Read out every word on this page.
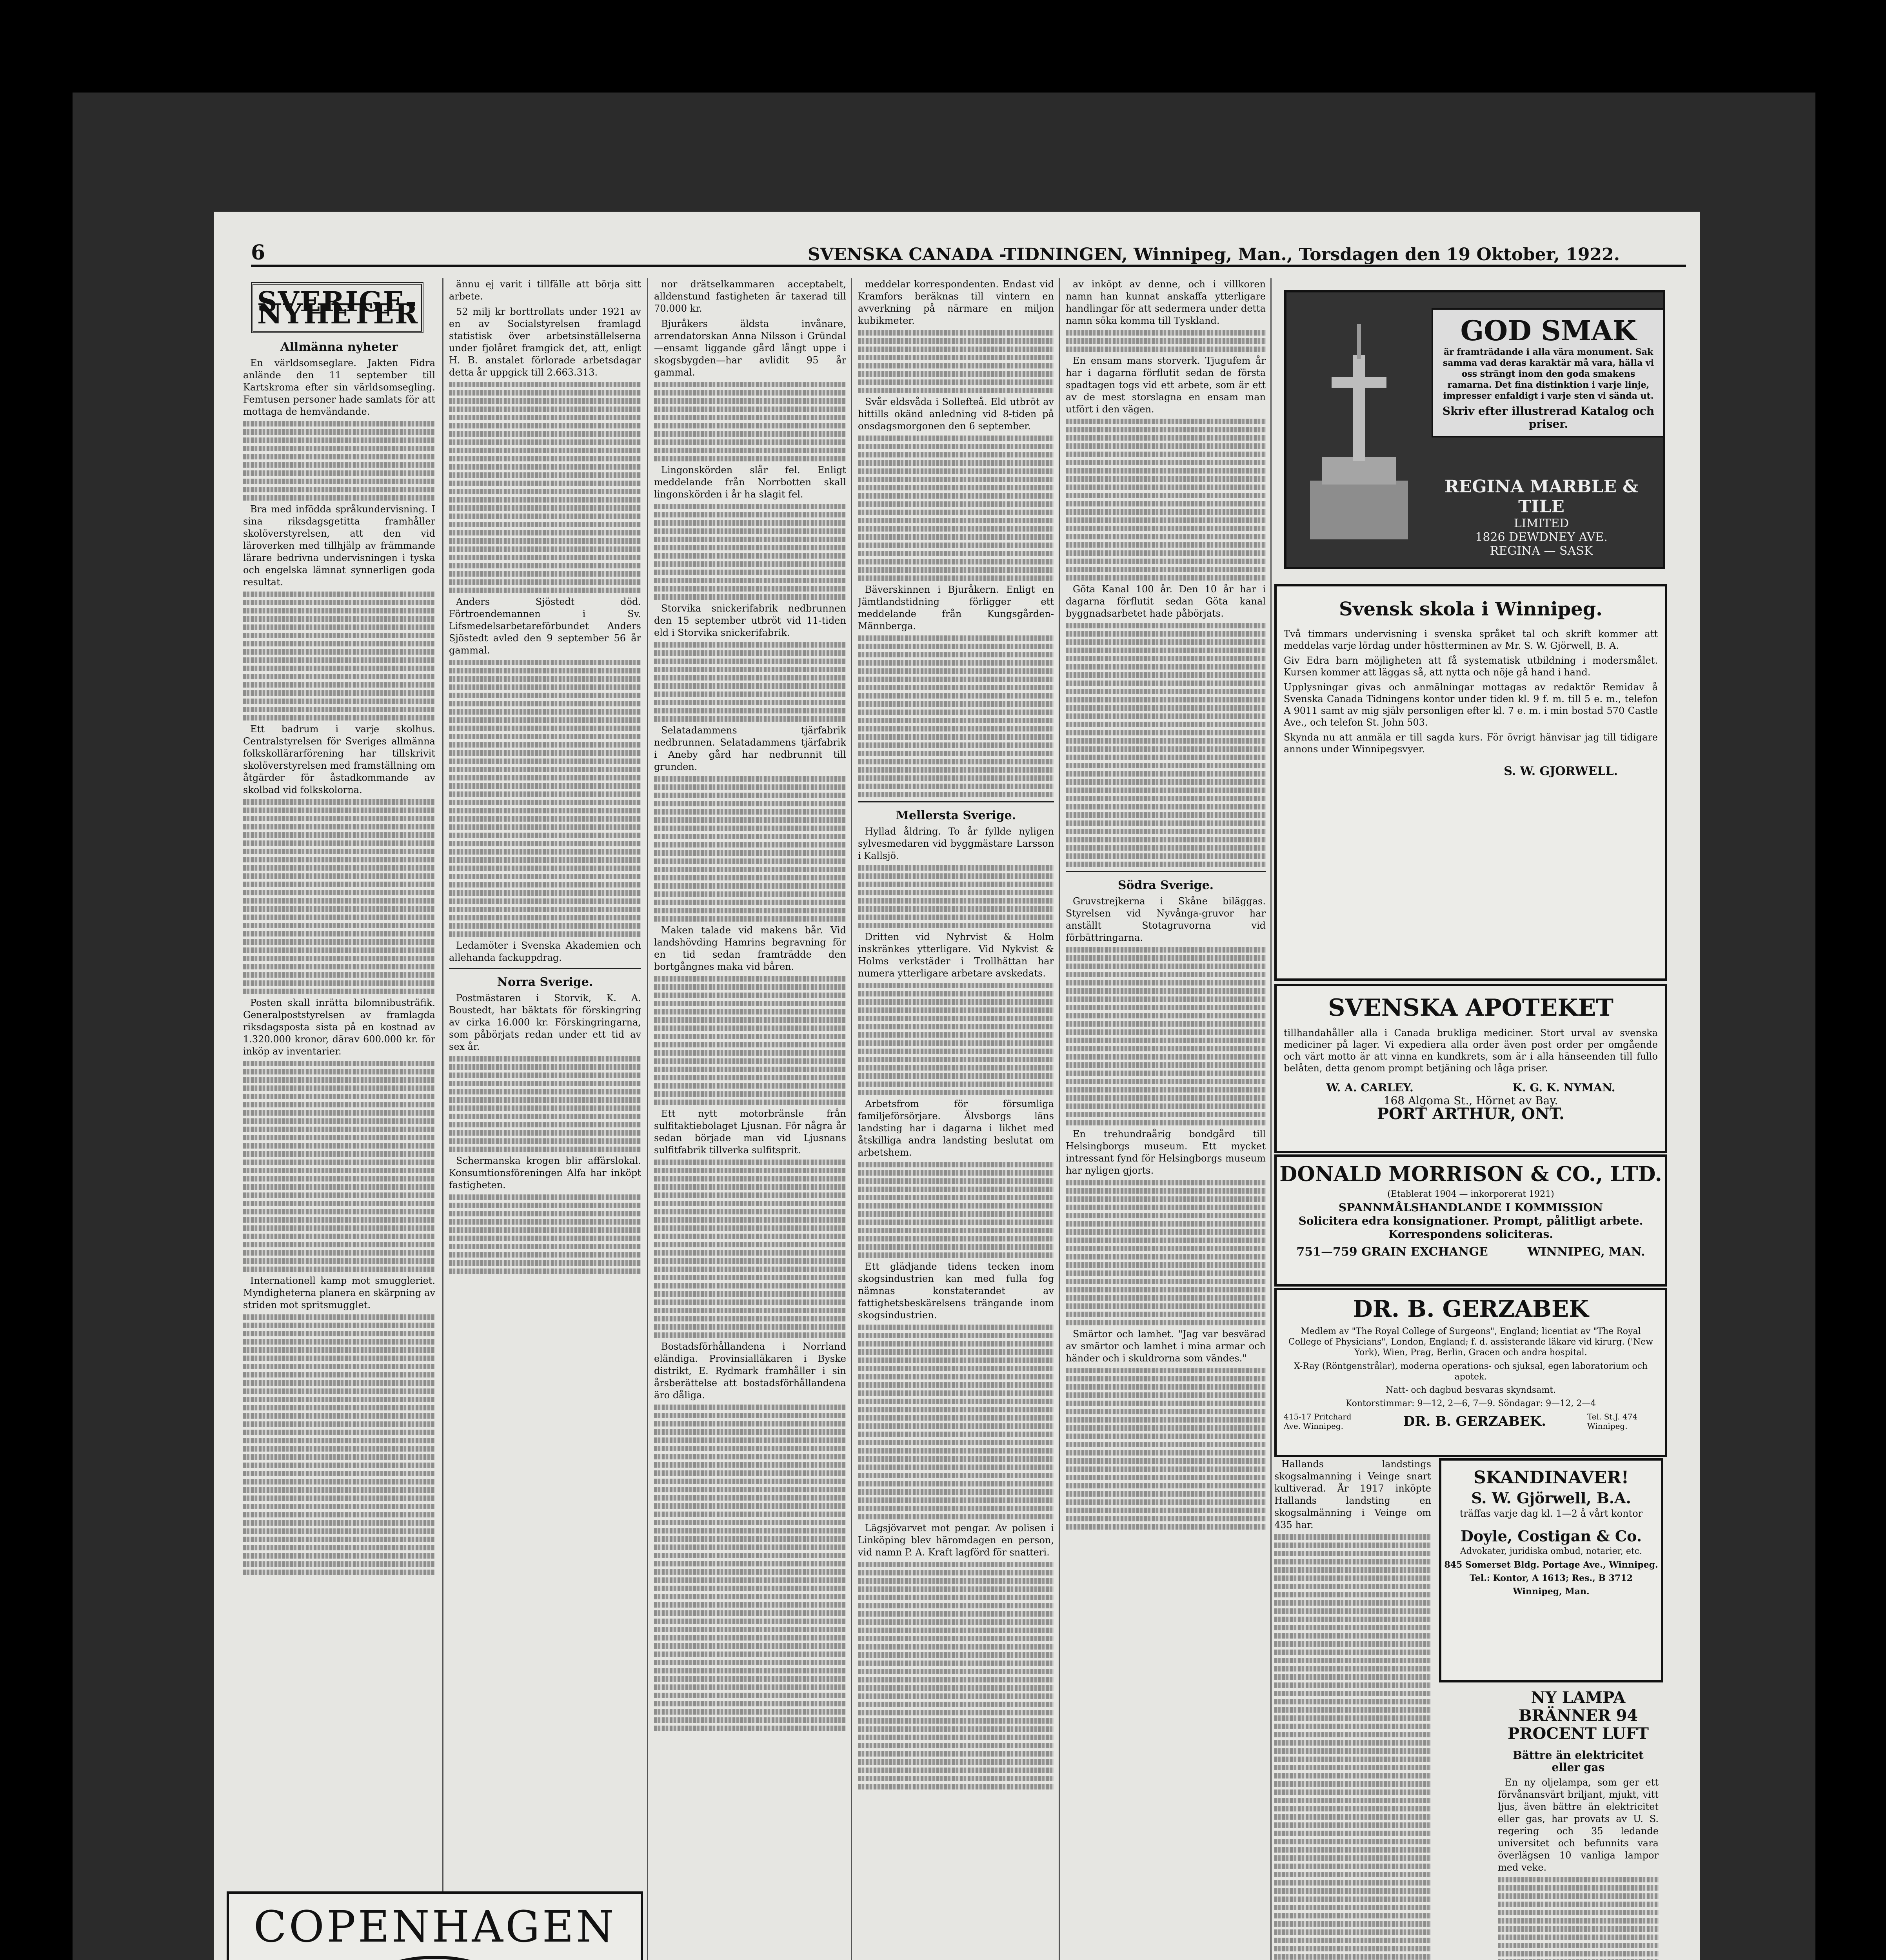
6	SVENSKA CANADA -TIDNINGEN, Winnipeg, Man., Torsdagen den 19 Oktober, 1922.
SVERIGE-NYHETER
Allmänna nyheter

En världsomseglare. Jakten Fidra anlände den 11 september till Kartskroma efter sin världsomsegling. Femtusen personer hade samlats för att mottaga de hemvändande.

Bra med infödda språkundervisning. I sina riksdagsgetitta framhåller skolöverstyrelsen, att den vid läroverken med tillhjälp av främmande lärare bedrivna undervisningen i tyska och engelska lämnat synnerligen goda resultat.

Ett badrum i varje skolhus. Centralstyrelsen för Sveriges allmänna folkskollärarförening har tillskrivit skolöverstyrelsen med framställning om åtgärder för åstadkommande av skolbad vid folkskolorna.

Posten skall inrätta bilomnibusträfik. Generalpoststyrelsen av framlagda riksdagsposta sista på en kostnad av 1.320.000 kronor, därav 600.000 kr. för inköp av inventarier.

Internationell kamp mot smuggleriet. Myndigheterna planera en skärpning av striden mot spritsmugglet.

ännu ej varit i tillfälle att börja sitt arbete.

52 milj kr borttrollats under 1921 av en av Socialstyrelsen framlagd statistisk över arbetsinställelserna under fjolåret framgick det, att, enligt H. B. anstalet förlorade arbetsdagar detta år uppgick till 2.663.313.

Anders Sjöstedt död. Förtroendemannen i Sv. Lifsmedelsarbetareförbundet Anders Sjöstedt avled den 9 september 56 år gammal.

Ledamöter i Svenska Akademien och allehanda fackuppdrag.

Norra Sverige.

Postmästaren i Storvik, K. A. Boustedt, har bäktats för förskingring av cirka 16.000 kr. Förskingringarna, som påbörjats redan under ett tid av sex år.

Schermanska krogen blir affärslokal. Konsumtionsföreningen Alfa har inköpt fastigheten.

nor drätselkammaren acceptabelt, alldenstund fastigheten är taxerad till 70.000 kr.

Bjuråkers äldsta invånare, arrendatorskan Anna Nilsson i Gründal—ensamt liggande gård långt uppe i skogsbygden—har avlidit 95 år gammal.

Lingonskörden slår fel. Enligt meddelande från Norrbotten skall lingonskörden i år ha slagit fel.

Storvika snickerifabrik nedbrunnen den 15 september utbröt vid 11-tiden eld i Storvika snickerifabrik.

Selatadammens tjärfabrik nedbrunnen. Selatadammens tjärfabrik i Aneby gård har nedbrunnit till grunden.

Maken talade vid makens bår. Vid landshövding Hamrins begravning för en tid sedan framträdde den bortgångnes maka vid båren.

Ett nytt motorbränsle från sulfitaktiebolaget Ljusnan. För några år sedan började man vid Ljusnans sulfitfabrik tillverka sulfitsprit.

Bostadsförhållandena i Norrland eländiga. Provinsialläkaren i Byske distrikt, E. Rydmark framhåller i sin årsberättelse att bostadsförhållandena äro dåliga.

meddelar korrespondenten. Endast vid Kramfors beräknas till vintern en avverkning på närmare en miljon kubikmeter.

Svår eldsvåda i Sollefteå. Eld utbröt av hittills okänd anledning vid 8-tiden på onsdagsmorgonen den 6 september.

Bäverskinnen i Bjuråkern. Enligt en Jämtlandstidning förligger ett meddelande från Kungsgården-Männberga.

Mellersta Sverige.

Hyllad åldring. To år fyllde nyligen sylvesmedaren vid byggmästare Larsson i Kallsjö.

Dritten vid Nyhrvist & Holm inskränkes ytterligare. Vid Nykvist & Holms verkstäder i Trollhättan har numera ytterligare arbetare avskedats.

Arbetsfrom för försumliga familjeförsörjare. Älvsborgs läns landsting har i dagarna i likhet med åtskilliga andra landsting beslutat om arbetshem.

Ett glädjande tidens tecken inom skogsindustrien kan med fulla fog nämnas konstaterandet av fattighetsbeskärelsens trängande inom skogsindustrien.

Lägsjövarvet mot pengar. Av polisen i Linköping blev häromdagen en person, vid namn P. A. Kraft lagförd för snatteri.

av inköpt av denne, och i villkoren namn han kunnat anskaffa ytterligare handlingar för att sedermera under detta namn söka komma till Tyskland.

En ensam mans storverk. Tjugufem år har i dagarna förflutit sedan de första spadtagen togs vid ett arbete, som är ett av de mest storslagna en ensam man utfört i den vägen.

Göta Kanal 100 år. Den 10 år har i dagarna förflutit sedan Göta kanal byggnadsarbetet hade påbörjats.

Södra Sverige.

Gruvstrejkerna i Skåne biläggas. Styrelsen vid Nyvånga-gruvor har anställt Stotagruvorna vid förbättringarna.

En trehundraårig bondgård till Helsingborgs museum. Ett mycket intressant fynd för Helsingborgs museum har nyligen gjorts.

Smärtor och lamhet. "Jag var besvärad av smärtor och lamhet i mina armar och händer och i skuldrorna som vändes."

GOD SMAK
är framträdande i alla vära monument. Sak samma vad deras karaktär må vara, hälla vi oss strängt inom den goda smakens ramarna. Det fina distinktion i varje linje, impresser enfaldigt i varje sten vi sända ut.
Skriv efter illustrerad Katalog och priser.
REGINA MARBLE & TILE
LIMITED
1826 DEWDNEY AVE.
REGINA — SASK
Svensk skola i Winnipeg.
Två timmars undervisning i svenska språket tal och skrift kommer att meddelas varje lördag under höstterminen av Mr. S. W. Gjörwell, B. A.
Giv Edra barn möjligheten att få systematisk utbildning i modersmålet. Kursen kommer att läggas så, att nytta och nöje gå hand i hand.
Upplysningar givas och anmälningar mottagas av redaktör Remidav å Svenska Canada Tidningens kontor under tiden kl. 9 f. m. till 5 e. m., telefon A 9011 samt av mig själv personligen efter kl. 7 e. m. i min bostad 570 Castle Ave., och telefon St. John 503.
Skynda nu att anmäla er till sagda kurs. För övrigt hänvisar jag till tidigare annons under Winnipegsvyer.
S. W. GJORWELL.
SVENSKA APOTEKET
tillhandahåller alla i Canada brukliga mediciner. Stort urval av svenska mediciner på lager. Vi expediera alla order även post order per omgående och värt motto är att vinna en kundkrets, som är i alla hänseenden till fullo belåten, detta genom prompt betjäning och låga priser.
W. A. CARLEY.	K. G. K. NYMAN.
168 Algoma St., Hörnet av Bay.
PORT ARTHUR, ONT.
DONALD MORRISON & CO., LTD.
(Etablerat 1904 — inkorporerat 1921)
SPANNMÅLSHANDLANDE I KOMMISSION
Solicitera edra konsignationer. Prompt, pålitligt arbete.
Korrespondens soliciteras.
751—759 GRAIN EXCHANGE	WINNIPEG, MAN.
DR. B. GERZABEK
Medlem av "The Royal College of Surgeons", England; licentiat av "The Royal College of Physicians", London, England; f. d. assisterande läkare vid kirurg. ('New York), Wien, Prag, Berlin, Gracen och andra hospital.
X-Ray (Röntgenstrålar), moderna operations- och sjuksal, egen laboratorium och apotek.
Natt- och dagbud besvaras skyndsamt.
Kontorstimmar: 9—12, 2—6, 7—9. Söndagar: 9—12, 2—4
415-17 Pritchard Ave. Winnipeg.	DR. B. GERZABEK.	Tel. St.J. 474 Winnipeg.

Hallands landstings skogsalmanning i Veinge snart kultiverad. År 1917 inköpte Hallands landsting en skogsalmänning i Veinge om 435 har.

SKANDINAVER!
S. W. Gjörwell, B.A.
träffas varje dag kl. 1—2 å vårt kontor
Doyle, Costigan & Co.
Advokater, juridiska ombud, notarier, etc.
845 Somerset Bldg. Portage Ave., Winnipeg.
Tel.: Kontor, A 1613; Res., B 3712
Winnipeg, Man.
NY LAMPA BRÄNNER 94 PROCENT LUFT
Bättre än elektricitet eller gas

En ny oljelampa, som ger ett förvånansvärt briljant, mjukt, vitt ljus, även bättre än elektricitet eller gas, har provats av U. S. regering och 35 ledande universitet och befunnits vara överlägsen 10 vanliga lampor med veke.

COPENHAGEN
